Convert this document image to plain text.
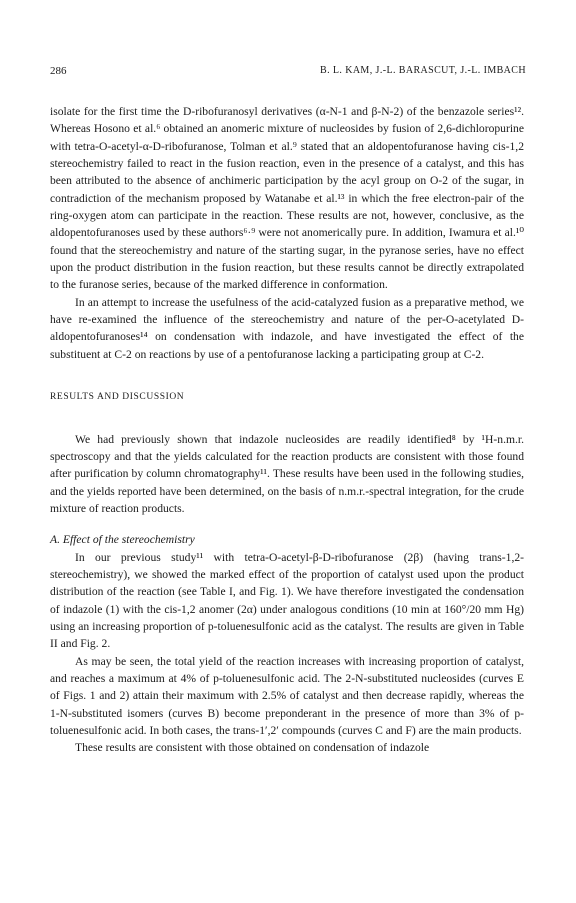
286	B. L. KAM, J.-L. BARASCUT, J.-L. IMBACH

isolate for the first time the D-ribofuranosyl derivatives (α-N-1 and β-N-2) of the benzazole series¹². Whereas Hosono et al.⁶ obtained an anomeric mixture of nucleosides by fusion of 2,6-dichloropurine with tetra-O-acetyl-α-D-ribofuranose, Tolman et al.⁹ stated that an aldopentofuranose having cis-1,2 stereochemistry failed to react in the fusion reaction, even in the presence of a catalyst, and this has been attributed to the absence of anchimeric participation by the acyl group on O-2 of the sugar, in contradiction of the mechanism proposed by Watanabe et al.¹³ in which the free electron-pair of the ring-oxygen atom can participate in the reaction. These results are not, however, conclusive, as the aldopentofuranoses used by these authors⁶·⁹ were not anomerically pure. In addition, Iwamura et al.¹⁰ found that the stereochemistry and nature of the starting sugar, in the pyranose series, have no effect upon the product distribution in the fusion reaction, but these results cannot be directly extrapolated to the furanose series, because of the marked difference in conformation.

In an attempt to increase the usefulness of the acid-catalyzed fusion as a preparative method, we have re-examined the influence of the stereochemistry and nature of the per-O-acetylated D-aldopentofuranoses¹⁴ on condensation with indazole, and have investigated the effect of the substituent at C-2 on reactions by use of a pentofuranose lacking a participating group at C-2.

RESULTS AND DISCUSSION

We had previously shown that indazole nucleosides are readily identified⁸ by ¹H-n.m.r. spectroscopy and that the yields calculated for the reaction products are consistent with those found after purification by column chromatography¹¹. These results have been used in the following studies, and the yields reported have been determined, on the basis of n.m.r.-spectral integration, for the crude mixture of reaction products.

A. Effect of the stereochemistry

In our previous study¹¹ with tetra-O-acetyl-β-D-ribofuranose (2β) (having trans-1,2-stereochemistry), we showed the marked effect of the proportion of catalyst used upon the product distribution of the reaction (see Table I, and Fig. 1). We have therefore investigated the condensation of indazole (1) with the cis-1,2 anomer (2α) under analogous conditions (10 min at 160°/20 mm Hg) using an increasing proportion of p-toluenesulfonic acid as the catalyst. The results are given in Table II and Fig. 2.

As may be seen, the total yield of the reaction increases with increasing proportion of catalyst, and reaches a maximum at 4% of p-toluenesulfonic acid. The 2-N-substituted nucleosides (curves E of Figs. 1 and 2) attain their maximum with 2.5% of catalyst and then decrease rapidly, whereas the 1-N-substituted isomers (curves B) become preponderant in the presence of more than 3% of p-toluenesulfonic acid. In both cases, the trans-1′,2′ compounds (curves C and F) are the main products.

These results are consistent with those obtained on condensation of indazole
